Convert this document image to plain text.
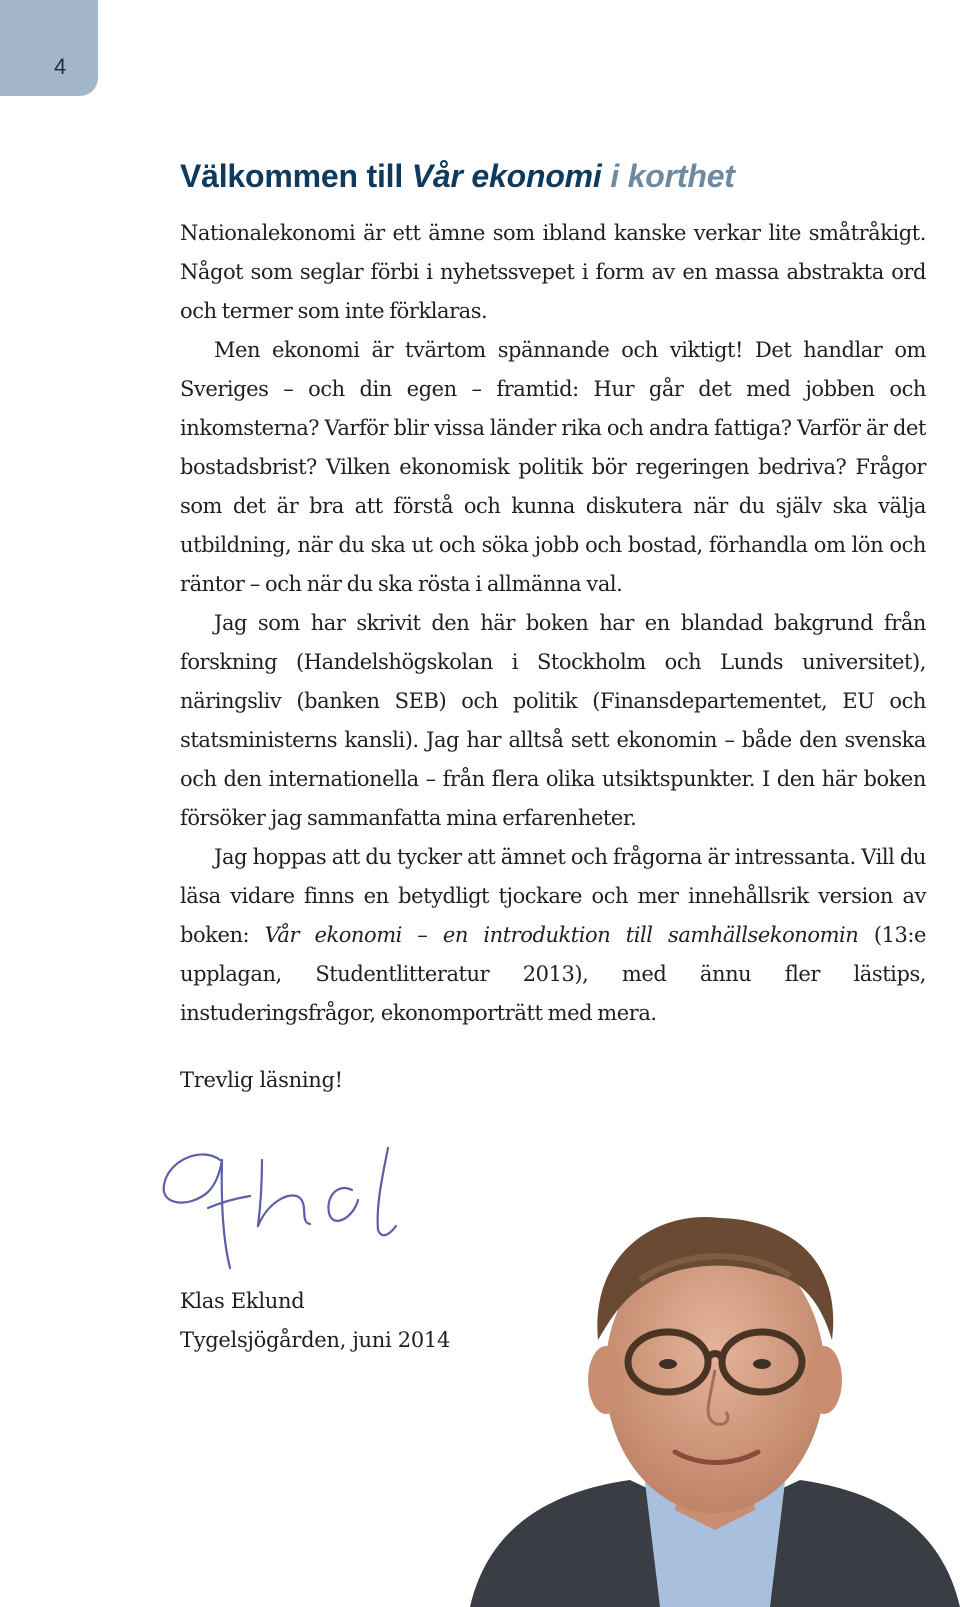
4
Välkommen till Vår ekonomi i korthet

Nationalekonomi är ett ämne som ibland kanske verkar lite småtråkigt. Något som seglar förbi i nyhetssvepet i form av en massa abstrakta ord och termer som inte förklaras.

Men ekonomi är tvärtom spännande och viktigt! Det handlar om Sveriges – och din egen – framtid: Hur går det med jobben och inkomsterna? Varför blir vissa länder rika och andra fattiga? Varför är det bostadsbrist? Vilken ekonomisk politik bör regeringen bedriva? Frågor som det är bra att förstå och kunna diskutera när du själv ska välja utbildning, när du ska ut och söka jobb och bostad, förhandla om lön och räntor – och när du ska rösta i allmänna val.

Jag som har skrivit den här boken har en blandad bakgrund från forskning (Handelshögskolan i Stockholm och Lunds universitet), näringsliv (banken SEB) och politik (Finansdepartementet, EU och statsministerns kansli). Jag har alltså sett ekonomin – både den svenska och den internationella – från flera olika utsiktspunkter. I den här boken försöker jag sammanfatta mina erfarenheter.

Jag hoppas att du tycker att ämnet och frågorna är intressanta. Vill du läsa vidare finns en betydligt tjockare och mer innehållsrik version av boken: Vår ekonomi – en introduktion till samhällsekonomin (13:e upplagan, Studentlitteratur 2013), med ännu fler lästips, instuderingsfrågor, ekonomporträtt med mera.

Trevlig läsning!
Klas Eklund
Tygelsjögården, juni 2014
